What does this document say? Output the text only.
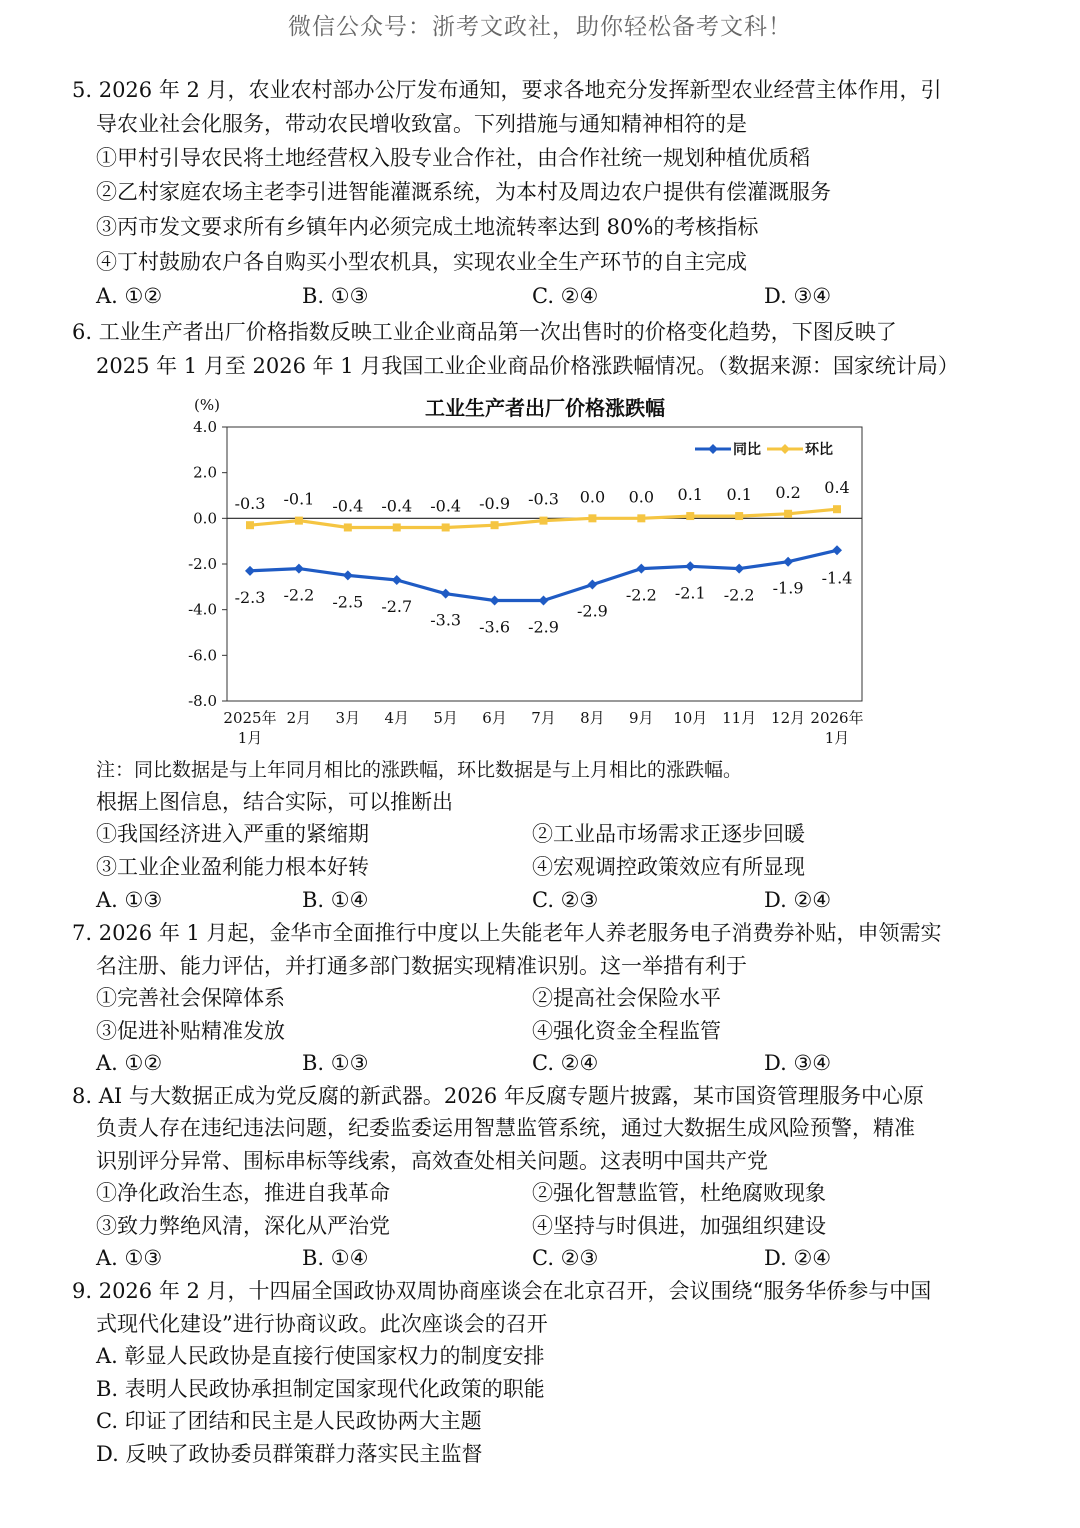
微信公众号：浙考文政社，助你轻松备考文科！
5. 2026 年 2 月，农业农村部办公厅发布通知，要求各地充分发挥新型农业经营主体作用，引
导农业社会化服务，带动农民增收致富。下列措施与通知精神相符的是
①甲村引导农民将土地经营权入股专业合作社，由合作社统一规划种植优质稻
②乙村家庭农场主老李引进智能灌溉系统，为本村及周边农户提供有偿灌溉服务
③丙市发文要求所有乡镇年内必须完成土地流转率达到 80%的考核指标
④丁村鼓励农户各自购买小型农机具，实现农业全生产环节的自主完成
A. ①②	B. ①③	C. ②④	D. ③④
6. 工业生产者出厂价格指数反映工业企业商品第一次出售时的价格变化趋势，下图反映了
2025 年 1 月至 2026 年 1 月我国工业企业商品价格涨跌幅情况。（数据来源：国家统计局）
工业生产者出厂价格涨跌幅
(%)
4.0
2.0
0.0
-2.0
-4.0
-6.0
-8.0
2025年
1月
2月 3月 4月 5月 6月 7月 8月 9月 10月 11月 12月 2026年
1月
同比	环比
-2.3 -2.2 -2.5 -2.7
-3.3 -3.6 -2.9
-2.9
-2.2 -2.1 -2.2 -1.9
-1.4
-0.3 -0.1 -0.4 -0.4 -0.4 -0.9 -0.3 0.0 0.0 0.1 0.1 0.2 0.4
注：同比数据是与上年同月相比的涨跌幅，环比数据是与上月相比的涨跌幅。
根据上图信息，结合实际，可以推断出
①我国经济进入严重的紧缩期	②工业品市场需求正逐步回暖
③工业企业盈利能力根本好转	④宏观调控政策效应有所显现
A. ①③	B. ①④	C. ②③	D. ②④
7. 2026 年 1 月起，金华市全面推行中度以上失能老年人养老服务电子消费券补贴，申领需实
名注册、能力评估，并打通多部门数据实现精准识别。这一举措有利于
①完善社会保障体系	②提高社会保险水平
③促进补贴精准发放	④强化资金全程监管
A. ①②	B. ①③	C. ②④	D. ③④
8. AI 与大数据正成为党反腐的新武器。2026 年反腐专题片披露，某市国资管理服务中心原
负责人存在违纪违法问题，纪委监委运用智慧监管系统，通过大数据生成风险预警，精准
识别评分异常、围标串标等线索，高效查处相关问题。这表明中国共产党
①净化政治生态，推进自我革命	②强化智慧监管，杜绝腐败现象
③致力弊绝风清，深化从严治党	④坚持与时俱进，加强组织建设
A. ①③	B. ①④	C. ②③	D. ②④
9. 2026 年 2 月，十四届全国政协双周协商座谈会在北京召开，会议围绕“服务华侨参与中国
式现代化建设”进行协商议政。此次座谈会的召开
A. 彰显人民政协是直接行使国家权力的制度安排
B. 表明人民政协承担制定国家现代化政策的职能
C. 印证了团结和民主是人民政协两大主题
D. 反映了政协委员群策群力落实民主监督
